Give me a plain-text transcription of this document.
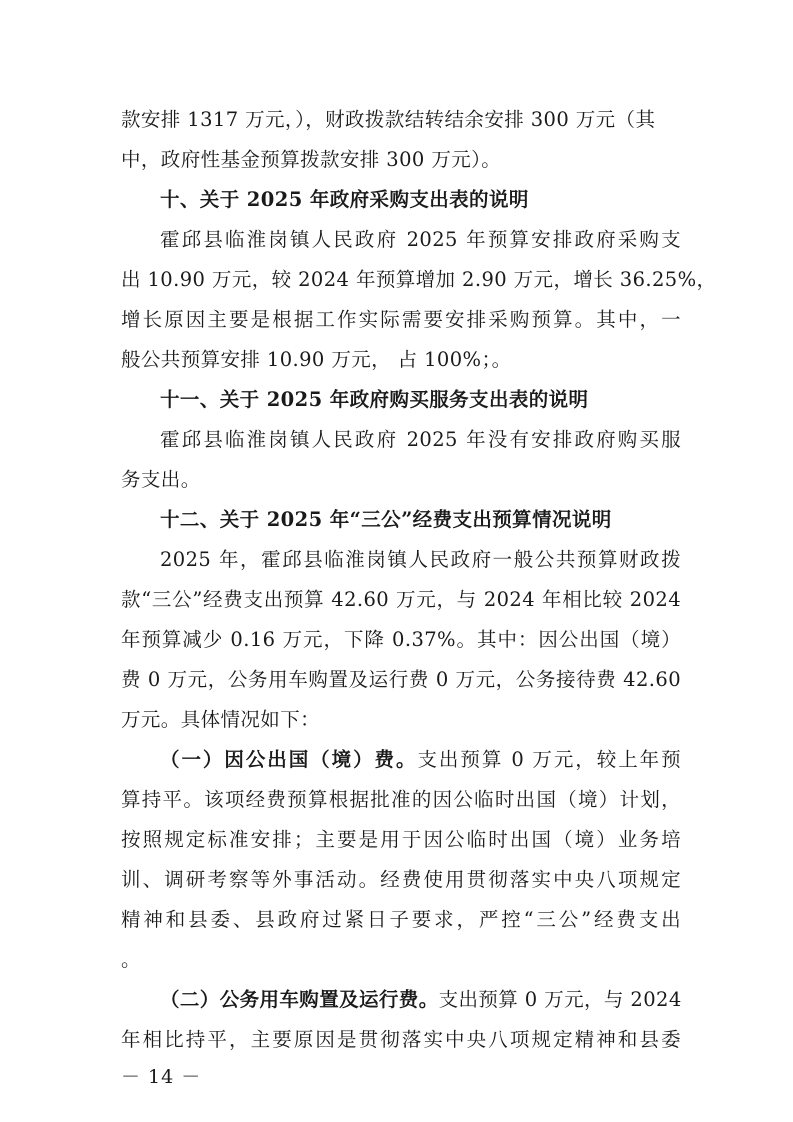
款安排 1317 万元，），财政拨款结转结余安排 300 万元（其
中，政府性基金预算拨款安排 300 万元）。
十、关于 2025 年政府采购支出表的说明
霍邱县临淮岗镇人民政府 2025 年预算安排政府采购支
出 10.90 万元，较 2024 年预算增加 2.90 万元，增长 36.25%，
增长原因主要是根据工作实际需要安排采购预算。其中，一
般公共预算安排 10.90 万元， 占 100%；。
十一、关于 2025 年政府购买服务支出表的说明
霍邱县临淮岗镇人民政府 2025 年没有安排政府购买服
务支出。
十二、关于 2025 年“三公”经费支出预算情况说明
2025 年，霍邱县临淮岗镇人民政府一般公共预算财政拨
款“三公”经费支出预算 42.60 万元，与 2024 年相比较 2024
年预算减少 0.16 万元，下降 0.37%。其中：因公出国（境）
费 0 万元，公务用车购置及运行费 0 万元，公务接待费 42.60
万元。具体情况如下：
（一）因公出国（境）费。支出预算 0 万元，较上年预
算持平。该项经费预算根据批准的因公临时出国（境）计划，
按照规定标准安排；主要是用于因公临时出国（境）业务培
训、调研考察等外事活动。经费使用贯彻落实中央八项规定
精神和县委、县政府过紧日子要求，严控“三公”经费支出
。
（二）公务用车购置及运行费。支出预算 0 万元，与 2024
年相比持平，主要原因是贯彻落实中央八项规定精神和县委
－ 14 －
